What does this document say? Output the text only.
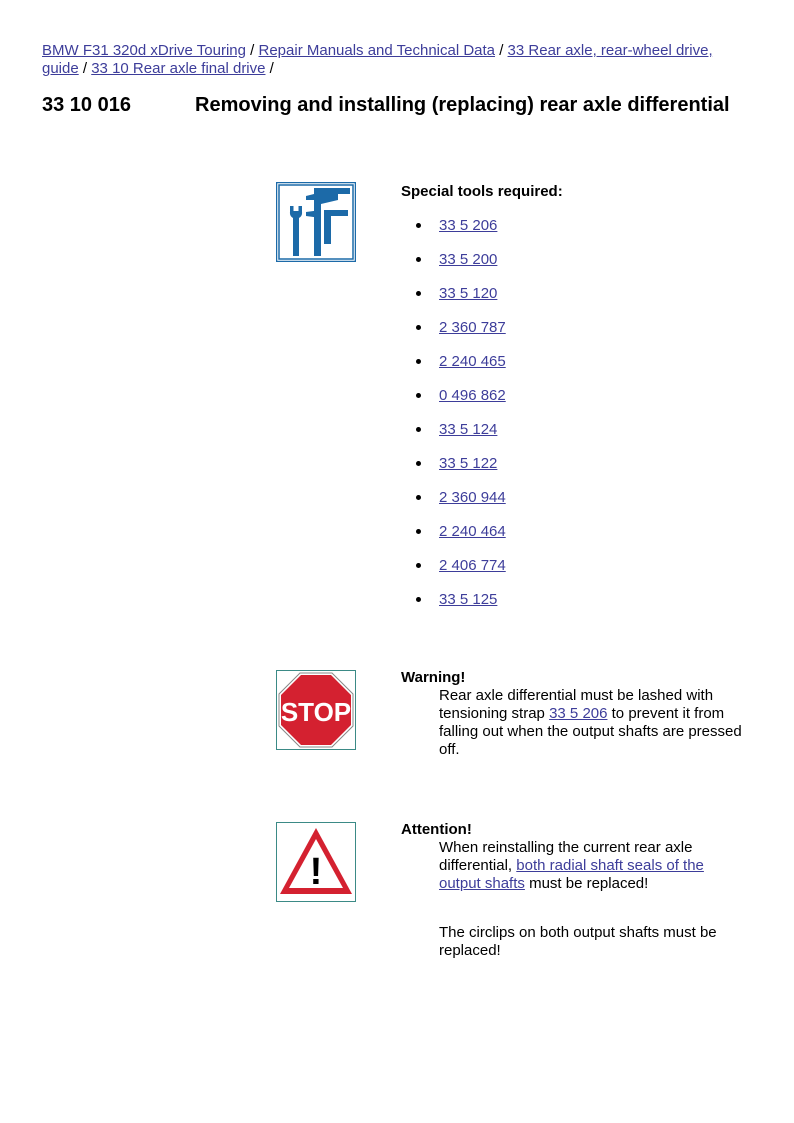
BMW F31 320d xDrive Touring / Repair Manuals and Technical Data / 33 Rear axle, rear-wheel drive, guide / 33 10 Rear axle final drive /
33 10 016	Removing and installing (replacing) rear axle differential
Special tools required:
33 5 206
33 5 200
33 5 120
2 360 787
2 240 465
0 496 862
33 5 124
33 5 122
2 360 944
2 240 464
2 406 774
33 5 125
STOP
Warning!

Rear axle differential must be lashed with tensioning strap 33 5 206 to prevent it from falling out when the output shafts are pressed off.

!
Attention!

When reinstalling the current rear axle differential, both radial shaft seals of the output shafts must be replaced!

The circlips on both output shafts must be replaced!
